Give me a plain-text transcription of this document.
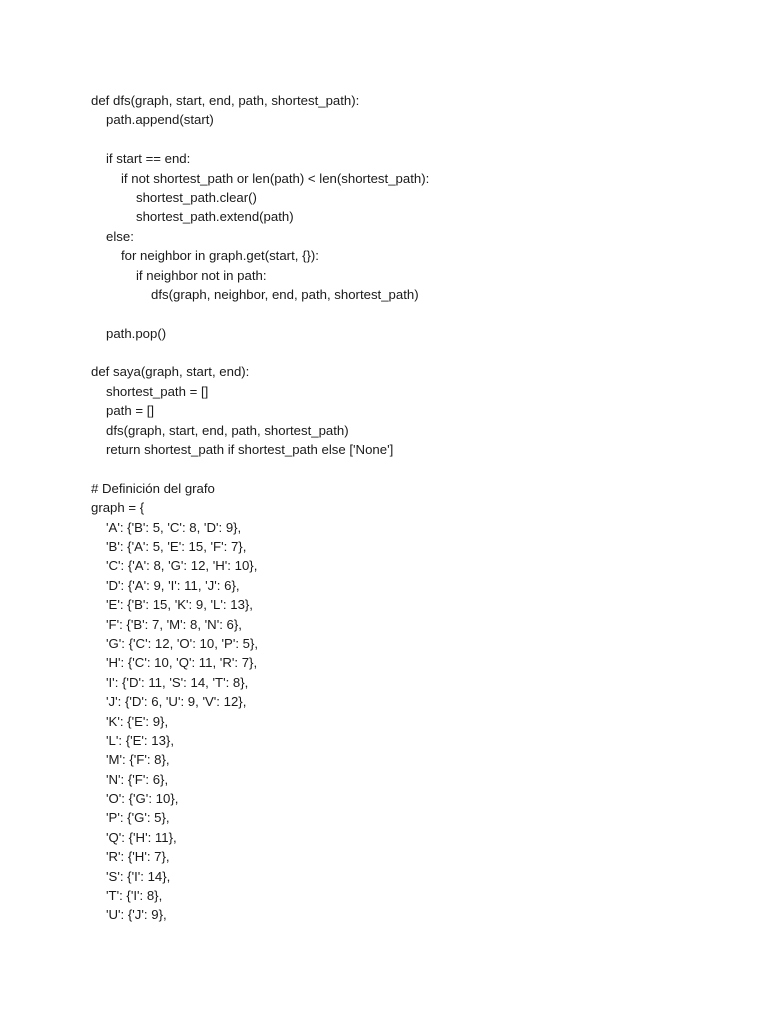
def dfs(graph, start, end, path, shortest_path):
path.append(start)
if start == end:
if not shortest_path or len(path) < len(shortest_path):
shortest_path.clear()
shortest_path.extend(path)
else:
for neighbor in graph.get(start, {}):
if neighbor not in path:
dfs(graph, neighbor, end, path, shortest_path)
path.pop()
def saya(graph, start, end):
shortest_path = []
path = []
dfs(graph, start, end, path, shortest_path)
return shortest_path if shortest_path else ['None']
# Definición del grafo
graph = {
'A': {'B': 5, 'C': 8, 'D': 9},
'B': {'A': 5, 'E': 15, 'F': 7},
'C': {'A': 8, 'G': 12, 'H': 10},
'D': {'A': 9, 'I': 11, 'J': 6},
'E': {'B': 15, 'K': 9, 'L': 13},
'F': {'B': 7, 'M': 8, 'N': 6},
'G': {'C': 12, 'O': 10, 'P': 5},
'H': {'C': 10, 'Q': 11, 'R': 7},
'I': {'D': 11, 'S': 14, 'T': 8},
'J': {'D': 6, 'U': 9, 'V': 12},
'K': {'E': 9},
'L': {'E': 13},
'M': {'F': 8},
'N': {'F': 6},
'O': {'G': 10},
'P': {'G': 5},
'Q': {'H': 11},
'R': {'H': 7},
'S': {'I': 14},
'T': {'I': 8},
'U': {'J': 9},
